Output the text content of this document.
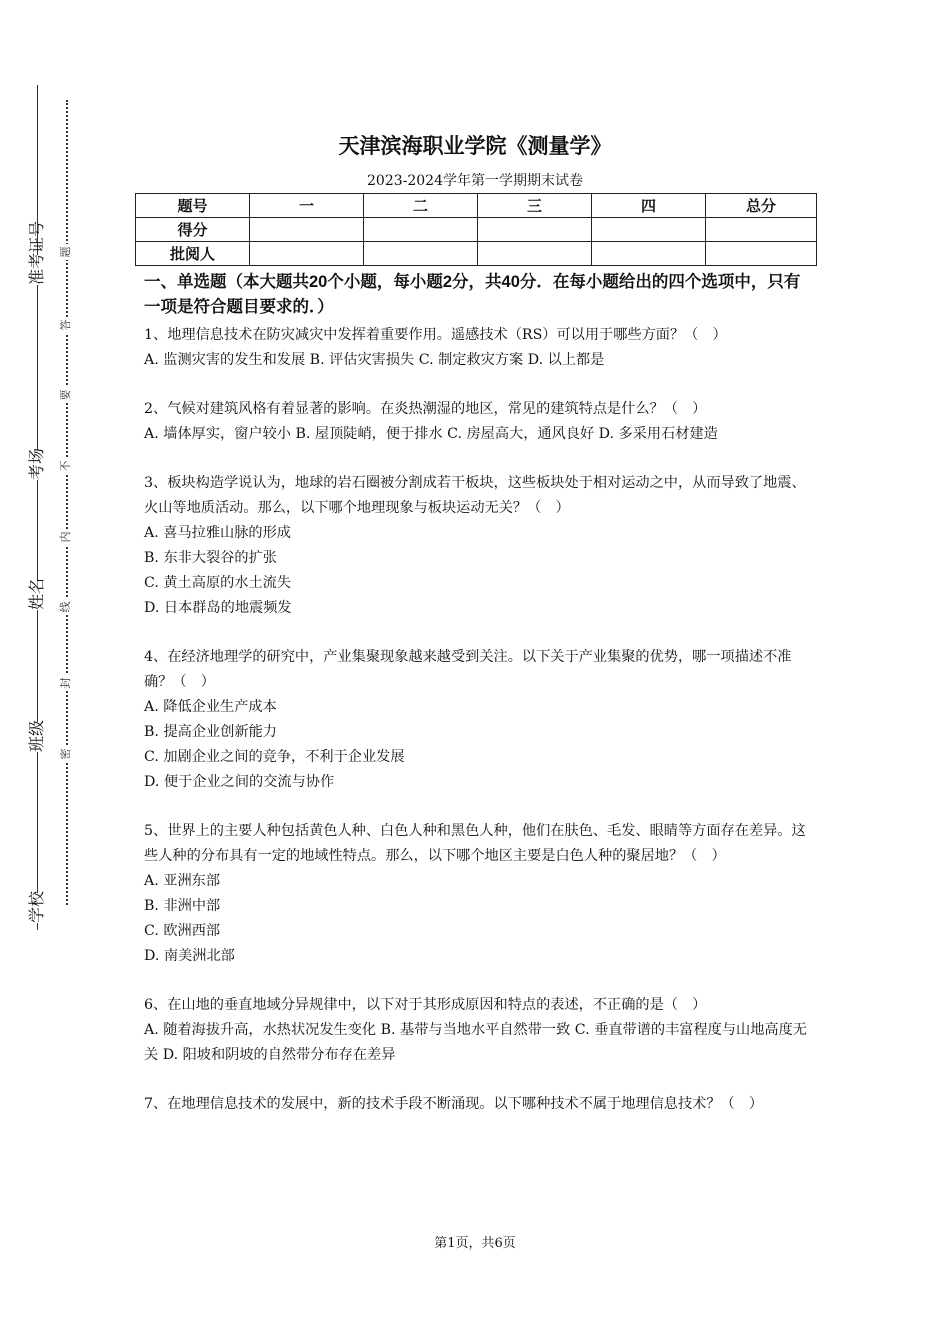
准考证号
考场
姓名
班级
学校
题
答
要
不
内
线
封
密
天津滨海职业学院《测量学》
2023-2024学年第一学期期末试卷
题号	一	二	三	四	总分
得分					
批阅人					
一、单选题（本大题共20个小题，每小题2分，共40分．在每小题给出的四个选项中，只有一项是符合题目要求的．）

1、地理信息技术在防灾减灾中发挥着重要作用。遥感技术（RS）可以用于哪些方面？（　）

A. 监测灾害的发生和发展 B. 评估灾害损失 C. 制定救灾方案 D. 以上都是

2、气候对建筑风格有着显著的影响。在炎热潮湿的地区，常见的建筑特点是什么？（　）

A. 墙体厚实，窗户较小 B. 屋顶陡峭，便于排水 C. 房屋高大，通风良好 D. 多采用石材建造

3、板块构造学说认为，地球的岩石圈被分割成若干板块，这些板块处于相对运动之中，从而导致了地震、火山等地质活动。那么，以下哪个地理现象与板块运动无关？（　）

A. 喜马拉雅山脉的形成

B. 东非大裂谷的扩张

C. 黄土高原的水土流失

D. 日本群岛的地震频发

4、在经济地理学的研究中，产业集聚现象越来越受到关注。以下关于产业集聚的优势，哪一项描述不准确？（　）

A. 降低企业生产成本

B. 提高企业创新能力

C. 加剧企业之间的竞争，不利于企业发展

D. 便于企业之间的交流与协作

5、世界上的主要人种包括黄色人种、白色人种和黑色人种，他们在肤色、毛发、眼睛等方面存在差异。这些人种的分布具有一定的地域性特点。那么，以下哪个地区主要是白色人种的聚居地？（　）

A. 亚洲东部

B. 非洲中部

C. 欧洲西部

D. 南美洲北部

6、在山地的垂直地域分异规律中，以下对于其形成原因和特点的表述，不正确的是（　）

A. 随着海拔升高，水热状况发生变化 B. 基带与当地水平自然带一致 C. 垂直带谱的丰富程度与山地高度无关 D. 阳坡和阴坡的自然带分布存在差异

7、在地理信息技术的发展中，新的技术手段不断涌现。以下哪种技术不属于地理信息技术？（　）

第1页，共6页
